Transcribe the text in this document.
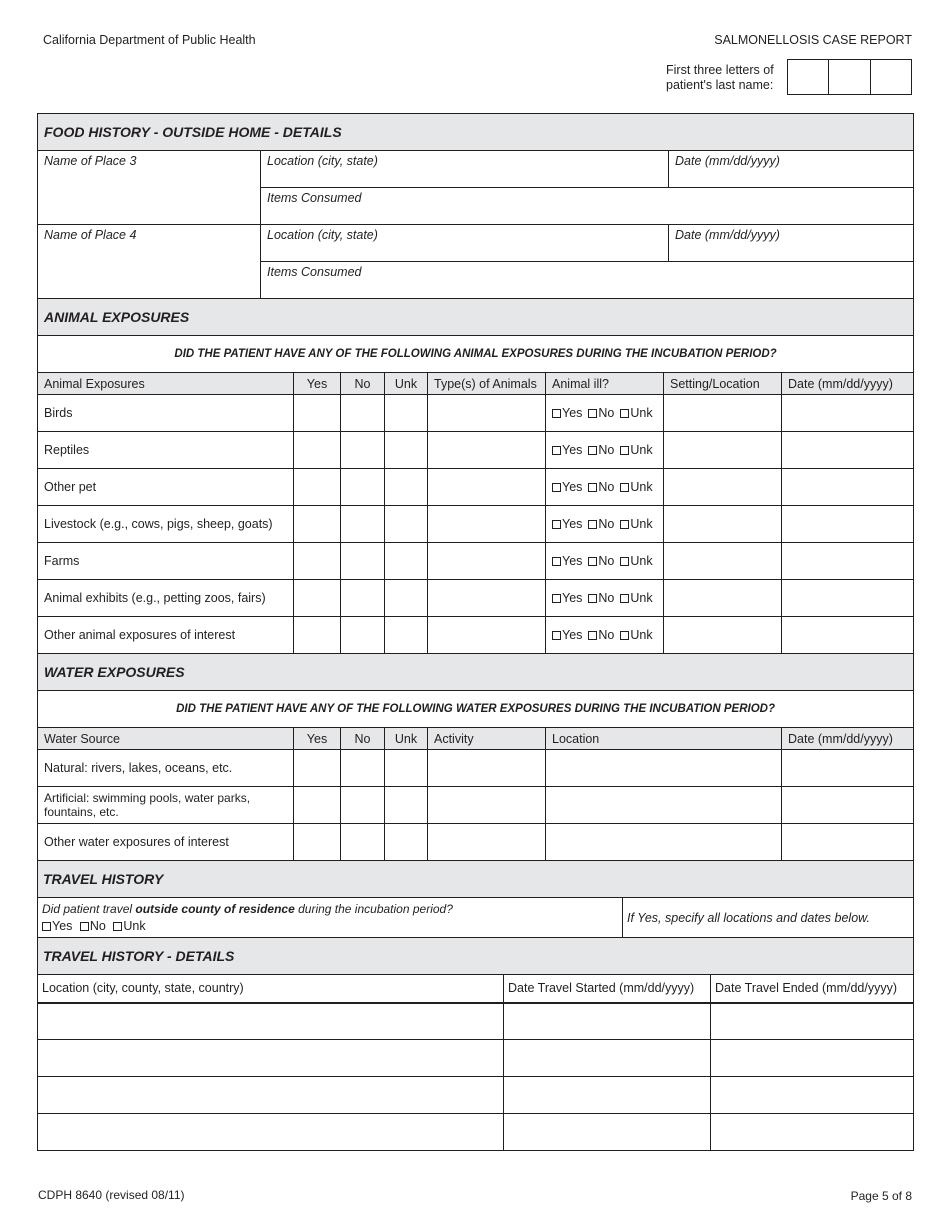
California Department of Public Health	SALMONELLOSIS CASE REPORT
First three letters of
patient's last name:
FOOD HISTORY - OUTSIDE HOME - DETAILS		
Name of Place 3	Location (city, state)	Date (mm/dd/yyyy)
	Items Consumed	
Name of Place 4	Location (city, state)	Date (mm/dd/yyyy)
	Items Consumed	
ANIMAL EXPOSURES							
DID THE PATIENT HAVE ANY OF THE FOLLOWING ANIMAL EXPOSURES DURING THE INCUBATION PERIOD?							
Animal Exposures	Yes	No	Unk	Type(s) of Animals	Animal ill?	Setting/Location	Date (mm/dd/yyyy)
Birds					Yes No Unk		
Reptiles					Yes No Unk		
Other pet					Yes No Unk		
Livestock (e.g., cows, pigs, sheep, goats)					Yes No Unk		
Farms					Yes No Unk		
Animal exhibits (e.g., petting zoos, fairs)					Yes No Unk		
Other animal exposures of interest					Yes No Unk		
WATER EXPOSURES						
DID THE PATIENT HAVE ANY OF THE FOLLOWING WATER EXPOSURES DURING THE INCUBATION PERIOD?						
Water Source	Yes	No	Unk	Activity	Location	Date (mm/dd/yyyy)
Natural: rivers, lakes, oceans, etc.						

Artificial: swimming pools, water parks,
fountains, etc.						

Other water exposures of interest						
TRAVEL HISTORY

Did patient travel outside county of residence during the incubation period?
Yes No Unk
	If Yes, specify all locations and dates below.
TRAVEL HISTORY - DETAILS		
Location (city, county, state, country)	Date Travel Started (mm/dd/yyyy)	Date Travel Ended (mm/dd/yyyy)

CDPH 8640 (revised 08/11)	Page 5 of 8
